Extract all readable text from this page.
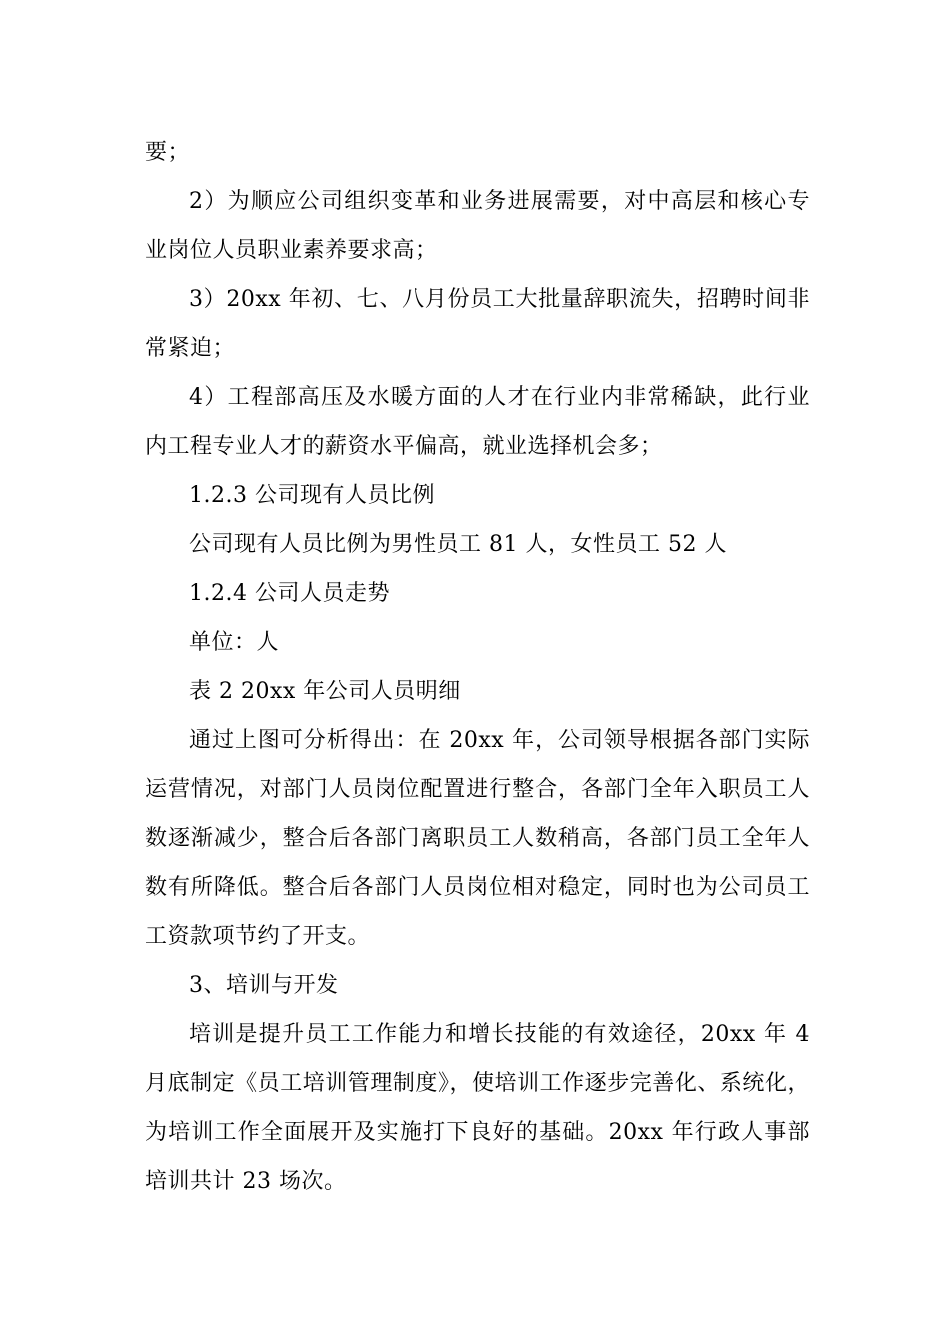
要；

2）为顺应公司组织变革和业务进展需要，对中高层和核心专业岗位人员职业素养要求高；

3）20xx 年初、七、八月份员工大批量辞职流失，招聘时间非常紧迫；

4）工程部高压及水暖方面的人才在行业内非常稀缺，此行业内工程专业人才的薪资水平偏高，就业选择机会多；

1.2.3 公司现有人员比例

公司现有人员比例为男性员工 81 人，女性员工 52 人

1.2.4 公司人员走势

单位：人

表 2 20xx 年公司人员明细

通过上图可分析得出：在 20xx 年，公司领导根据各部门实际运营情况，对部门人员岗位配置进行整合，各部门全年入职员工人数逐渐减少，整合后各部门离职员工人数稍高，各部门员工全年人数有所降低。整合后各部门人员岗位相对稳定，同时也为公司员工工资款项节约了开支。

3、培训与开发

培训是提升员工工作能力和增长技能的有效途径，20xx 年 4 月底制定《员工培训管理制度》，使培训工作逐步完善化、系统化，为培训工作全面展开及实施打下良好的基础。20xx 年行政人事部培训共计 23 场次。
